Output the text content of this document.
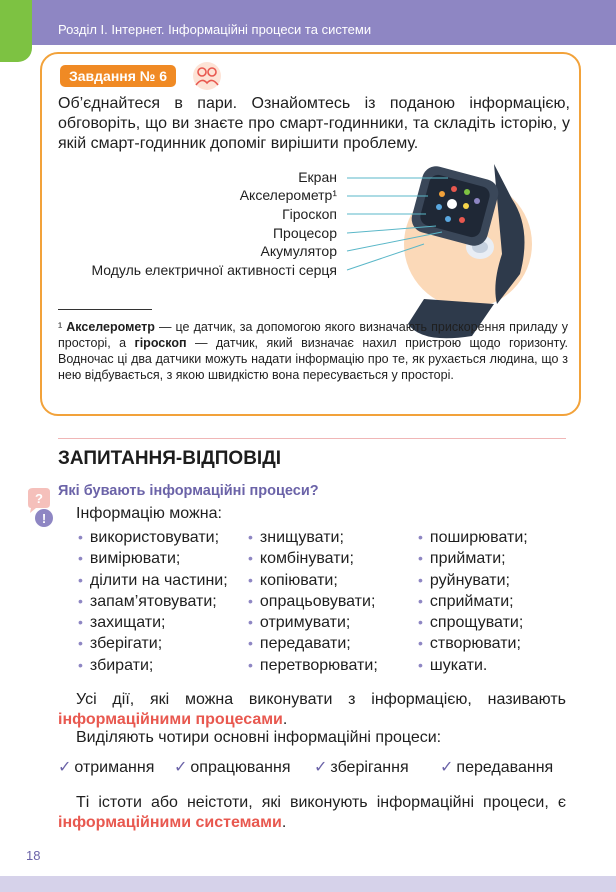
Розділ І. Інтернет. Інформаційні процеси та системи
Завдання № 6
Об’єднайтеся в пари. Ознайомтесь із поданою інформацією, обговоріть, що ви знаєте про смарт-годинники, та складіть історію, у якій смарт-годинник допоміг вирішити проблему.
Екран
Акселерометр¹
Гіроскоп
Процесор
Акумулятор
Модуль електричної активності серця
¹ Акселерометр — це датчик, за допомогою якого визначають прискорення приладу у просторі, а гіроскоп — датчик, який визначає нахил пристрою щодо горизонту. Водночас ці два датчики можуть надати інформацію про те, як рухається людина, що з нею відбувається, з якою швидкістю вона пересувається у просторі.
ЗАПИТАННЯ-ВІДПОВІДІ
?
!
Які бувають інформаційні процеси?
Інформацію можна:
• використовувати;
• вимірювати;
• ділити на частини;
• запам’ятовувати;
• захищати;
• зберігати;
• збирати;
• знищувати;
• комбінувати;
• копіювати;
• опрацьовувати;
• отримувати;
• передавати;
• перетворювати;
• поширювати;
• приймати;
• руйнувати;
• сприймати;
• спрощувати;
• створювати;
• шукати.
Усі дії, які можна виконувати з інформацією, називають інформаційними процесами.
Виділяють чотири основні інформаційні процеси:
✓ отримання ✓ опрацювання ✓ зберігання ✓ передавання
Ті істоти або неістоти, які виконують інформаційні процеси, є інформаційними системами.
18
